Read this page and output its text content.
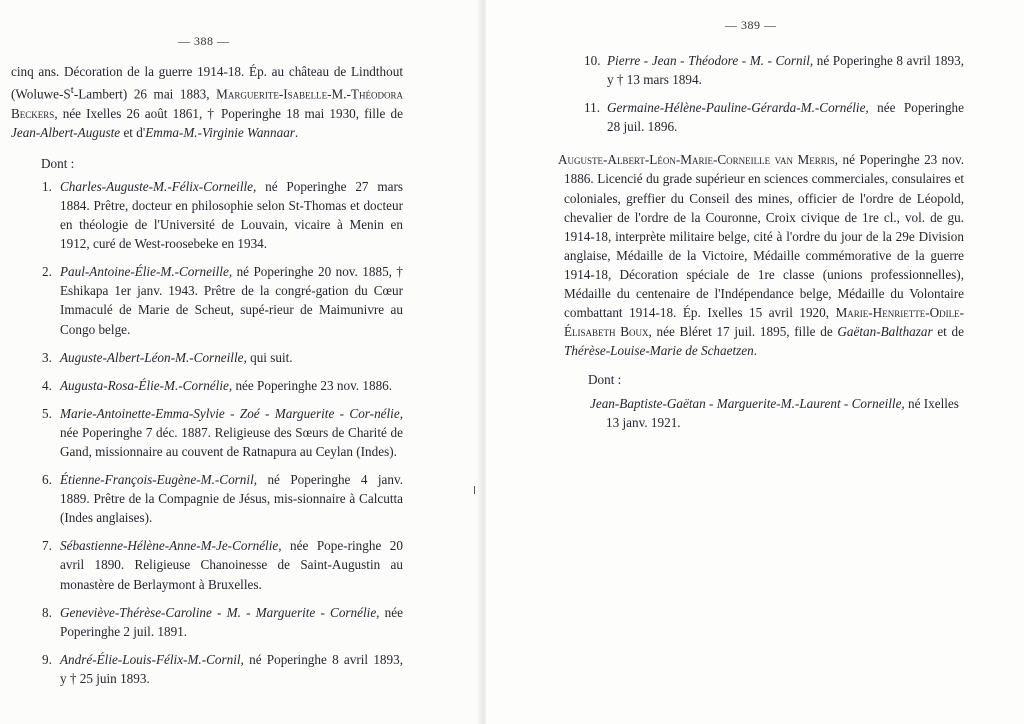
— 388 —

cinq ans. Décoration de la guerre 1914-18. Ép. au château de Lindthout $(Woluwe-S^t-Lambert)$ 26 mai 1883, Marguerite-Isabelle-M.-Théodora Beckers, née Ixelles 26 août 1861, † Poperinghe 18 mai 1930, fille de Jean-Albert-Auguste et d'Emma-M.-Virginie Wannaar.

Dont :
1. Charles-Auguste-M.-Félix-Corneille, né Poperinghe 27 mars 1884. Prêtre, docteur en philosophie selon St-Thomas et docteur en théologie de l'Université de Louvain, vicaire à Menin en 1912, curé de West-roosebeke en 1934.
2. Paul-Antoine-Élie-M.-Corneille, né Poperinghe 20 nov. 1885, † Eshikapa 1er janv. 1943. Prêtre de la congré-gation du Cœur Immaculé de Marie de Scheut, supé-rieur de Maimunivre au Congo belge.
3. Auguste-Albert-Léon-M.-Corneille, qui suit.
4. Augusta-Rosa-Élie-M.-Cornélie, née Poperinghe 23 nov. 1886.
5. Marie-Antoinette-Emma-Sylvie - Zoé - Marguerite - Cor-nélie, née Poperinghe 7 déc. 1887. Religieuse des Sœurs de Charité de Gand, missionnaire au couvent de Ratnapura au Ceylan (Indes).
6. Étienne-François-Eugène-M.-Cornil, né Poperinghe 4 janv. 1889. Prêtre de la Compagnie de Jésus, mis-sionnaire à Calcutta (Indes anglaises).
7. Sébastienne-Hélène-Anne-M-Je-Cornélie, née Pope-ringhe 20 avril 1890. Religieuse Chanoinesse de Saint-Augustin au monastère de Berlaymont à Bruxelles.
8. Geneviève-Thérèse-Caroline - M. - Marguerite - Cornélie, née Poperinghe 2 juil. 1891.
9. André-Élie-Louis-Félix-M.-Cornil, né Poperinghe 8 avril 1893, y † 25 juin 1893.
— 389 —
10. Pierre - Jean - Théodore - M. - Cornil, né Poperinghe 8 avril 1893, y † 13 mars 1894.
11. Germaine-Hélène-Pauline-Gérarda-M.-Cornélie, née Poperinghe 28 juil. 1896.

Auguste-Albert-Léon-Marie-Corneille van Merris, né Poperinghe 23 nov. 1886. Licencié du grade supérieur en sciences commerciales, consulaires et coloniales, greffier du Conseil des mines, officier de l'ordre de Léopold, chevalier de l'ordre de la Couronne, Croix civique de 1re cl., vol. de gu. 1914-18, interprète militaire belge, cité à l'ordre du jour de la 29e Division anglaise, Médaille de la Victoire, Médaille commémorative de la guerre 1914-18, Décoration spéciale de 1re classe (unions professionnelles), Médaille du centenaire de l'Indépendance belge, Médaille du Volontaire combattant 1914-18. Ép. Ixelles 15 avril 1920, Marie-Henriette-Odile-Élisabeth Boux, née Bléret 17 juil. 1895, fille de Gaëtan-Balthazar et de Thérèse-Louise-Marie de Schaetzen.

Dont :
Jean-Baptiste-Gaëtan - Marguerite-M.-Laurent - Corneille, né Ixelles 13 janv. 1921.
